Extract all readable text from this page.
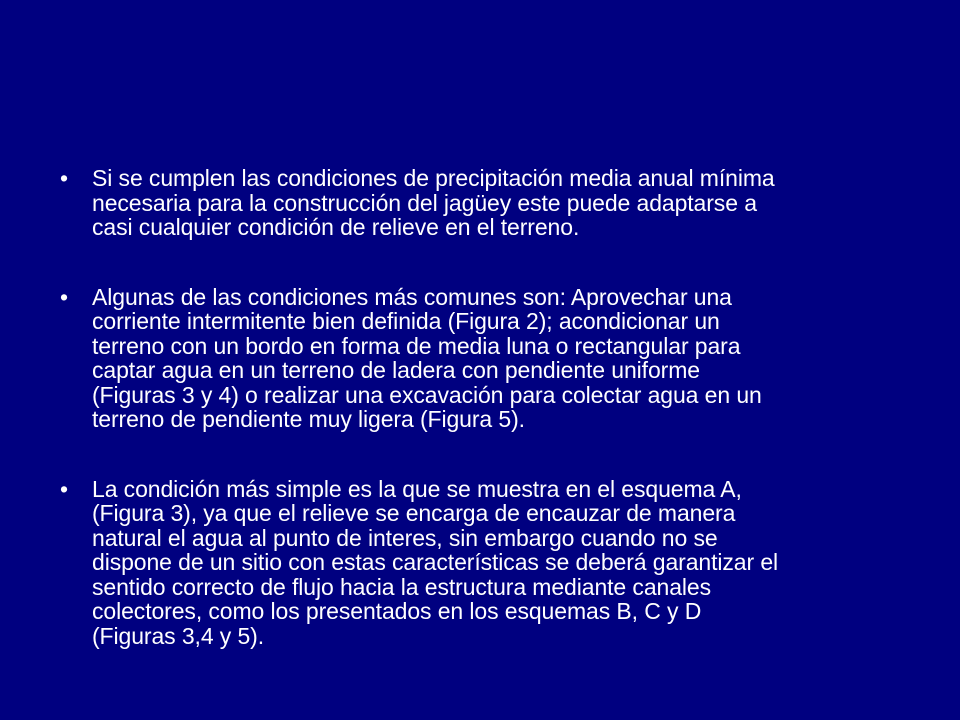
•	Si se cumplen las condiciones de precipitación media anual mínima
necesaria para la construcción del jagüey este puede adaptarse a
casi cualquier condición de relieve en el terreno.
•	Algunas de las condiciones más comunes son: Aprovechar una
corriente intermitente bien definida (Figura 2); acondicionar un
terreno con un bordo en forma de media luna o rectangular para
captar agua en un terreno de ladera con pendiente uniforme
(Figuras 3 y 4) o realizar una excavación para colectar agua en un
terreno de pendiente muy ligera (Figura 5).
•	La condición más simple es la que se muestra en el esquema A,
(Figura 3), ya que el relieve se encarga de encauzar de manera
natural el agua al punto de interes, sin embargo cuando no se
dispone de un sitio con estas características se deberá garantizar el
sentido correcto de flujo hacia la estructura mediante canales
colectores, como los presentados en los esquemas B, C y D
(Figuras 3,4 y 5).
